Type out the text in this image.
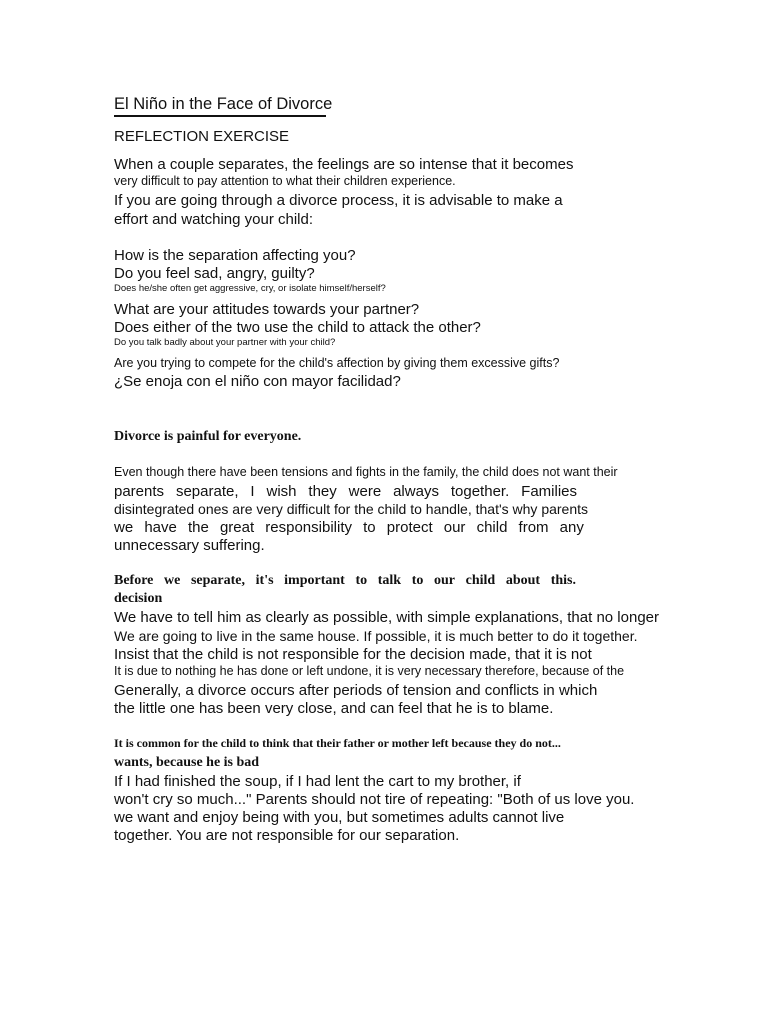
El Niño in the Face of Divorce
REFLECTION EXERCISE
When a couple separates, the feelings are so intense that it becomes
very difficult to pay attention to what their children experience.
If you are going through a divorce process, it is advisable to make a
effort and watching your child:
How is the separation affecting you?
Do you feel sad, angry, guilty?
Does he/she often get aggressive, cry, or isolate himself/herself?
What are your attitudes towards your partner?
Does either of the two use the child to attack the other?
Do you talk badly about your partner with your child?
Are you trying to compete for the child's affection by giving them excessive gifts?
¿Se enoja con el niño con mayor facilidad?
Divorce is painful for everyone.
Even though there have been tensions and fights in the family, the child does not want their
parents separate, I wish they were always together. Families
disintegrated ones are very difficult for the child to handle, that's why parents
we have the great responsibility to protect our child from any
unnecessary suffering.
Before we separate, it's important to talk to our child about this.
decision
We have to tell him as clearly as possible, with simple explanations, that no longer
We are going to live in the same house. If possible, it is much better to do it together.
Insist that the child is not responsible for the decision made, that it is not
It is due to nothing he has done or left undone, it is very necessary therefore, because of the
Generally, a divorce occurs after periods of tension and conflicts in which
the little one has been very close, and can feel that he is to blame.
It is common for the child to think that their father or mother left because they do not...
wants, because he is bad
If I had finished the soup, if I had lent the cart to my brother, if
won't cry so much..." Parents should not tire of repeating: "Both of us love you.
we want and enjoy being with you, but sometimes adults cannot live
together. You are not responsible for our separation.
